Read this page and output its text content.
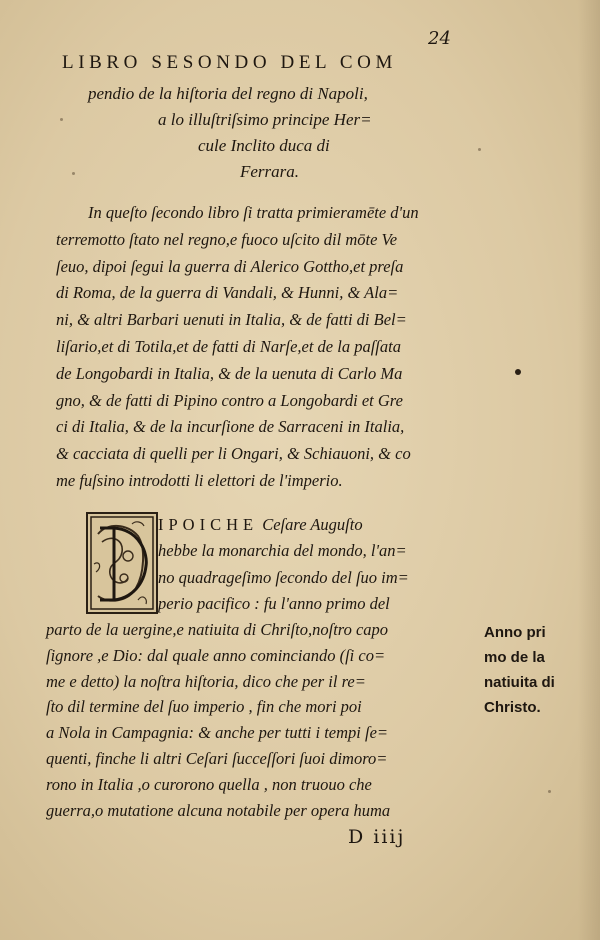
24
LIBRO SESONDO DEL COM
pendio de la hiſtoria del regno di Napoli,
a lo illuſtriſsimo principe Her=
cule Inclito duca di
Ferrara.
In queſto ſecondo libro ſi tratta primieramēte d'un
terremotto ſtato nel regno,e fuoco uſcito dil mōte Ve
ſeuo, dipoi ſegui la guerra di Alerico Gottho,et preſa
di Roma, de la guerra di Vandali, & Hunni, & Ala=
ni, & altri Barbari uenuti in Italia, & de fatti di Bel=
liſario,et di Totila,et de fatti di Narſe,et de la paſſata
de Longobardi in Italia, & de la uenuta di Carlo Ma
gno, & de fatti di Pipino contro a Longobardi et Gre
ci di Italia, & de la incurſione de Sarraceni in Italia,
& cacciata di quelli per li Ongari, & Schiauoni, & co
me fuſsino introdotti li elettori de l'imperio.
IPOICHE Ceſare Auguſto
hebbe la monarchia del mondo, l'an=
no quadrageſimo ſecondo del ſuo im=
perio pacifico : fu l'anno primo del
parto de la uergine,e natiuita di Chriſto,noſtro capo
ſignore ,e Dio: dal quale anno cominciando (ſi co=
me e detto) la noſtra hiſtoria, dico che per il re=
ſto dil termine del ſuo imperio , fin che mori poi
a Nola in Campagnia: & anche per tutti i tempi ſe=
quenti, finche li altri Ceſari ſucceſſori ſuoi dimoro=
rono in Italia ,o curorono quella , non truouo che
guerra,o mutatione alcuna notabile per opera huma
Anno pri
mo de la
natiuita di
Christo.
D iiij
